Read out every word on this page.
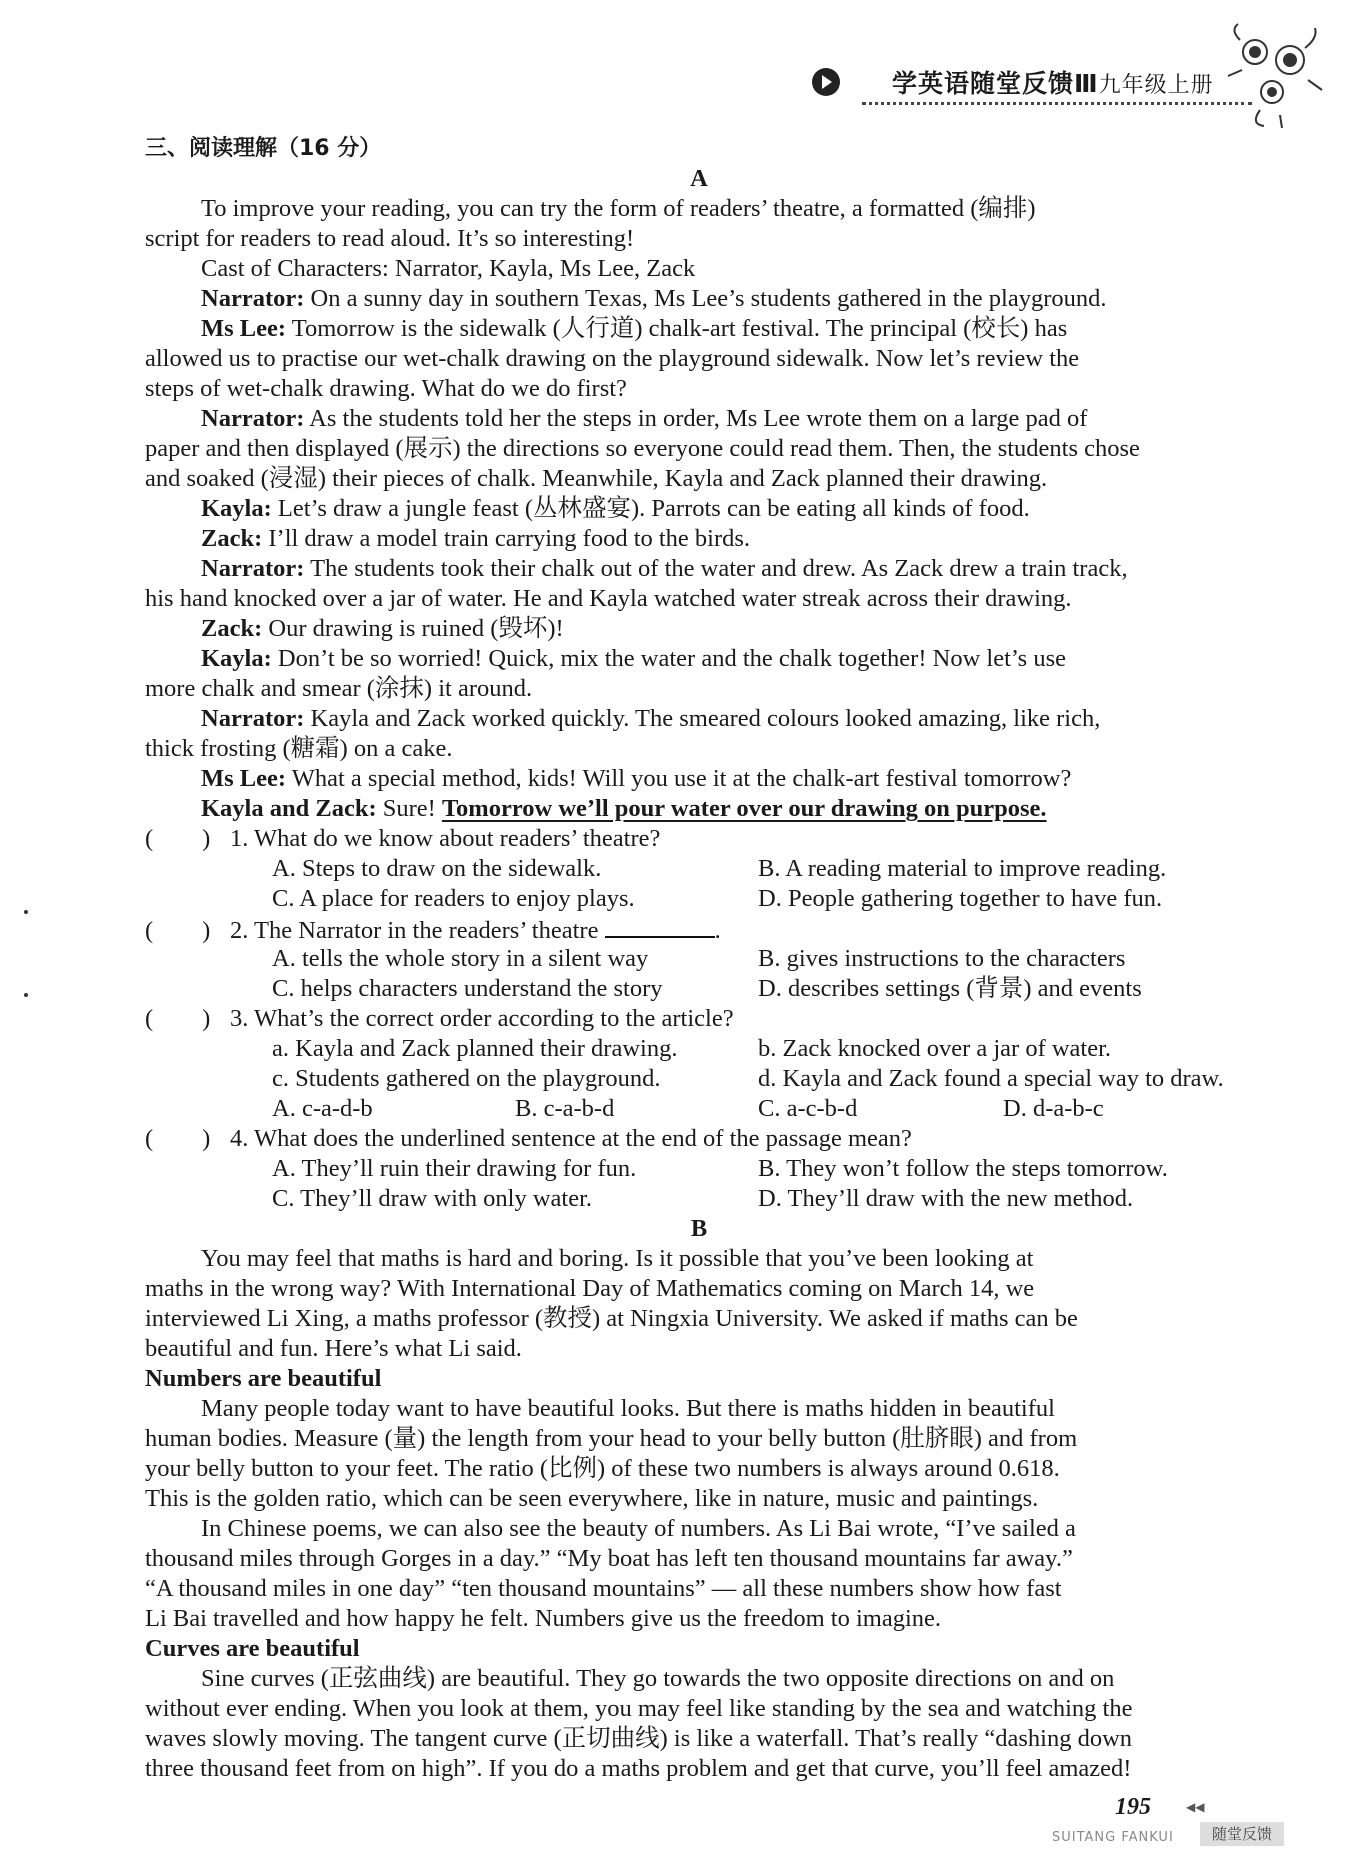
学英语随堂反馈Ⅲ九年级上册
三、阅读理解（16 分）
A
To improve your reading, you can try the form of readers’ theatre, a formatted (编排)
script for readers to read aloud. It’s so interesting!
Cast of Characters: Narrator, Kayla, Ms Lee, Zack
Narrator: On a sunny day in southern Texas, Ms Lee’s students gathered in the playground.
Ms Lee: Tomorrow is the sidewalk (人行道) chalk-art festival. The principal (校长) has
allowed us to practise our wet-chalk drawing on the playground sidewalk. Now let’s review the
steps of wet-chalk drawing. What do we do first?
Narrator: As the students told her the steps in order, Ms Lee wrote them on a large pad of
paper and then displayed (展示) the directions so everyone could read them. Then, the students chose
and soaked (浸湿) their pieces of chalk. Meanwhile, Kayla and Zack planned their drawing.
Kayla: Let’s draw a jungle feast (丛林盛宴). Parrots can be eating all kinds of food.
Zack: I’ll draw a model train carrying food to the birds.
Narrator: The students took their chalk out of the water and drew. As Zack drew a train track,
his hand knocked over a jar of water. He and Kayla watched water streak across their drawing.
Zack: Our drawing is ruined (毁坏)!
Kayla: Don’t be so worried! Quick, mix the water and the chalk together! Now let’s use
more chalk and smear (涂抹) it around.
Narrator: Kayla and Zack worked quickly. The smeared colours looked amazing, like rich,
thick frosting (糖霜) on a cake.
Ms Lee: What a special method, kids! Will you use it at the chalk-art festival tomorrow?
Kayla and Zack: Sure! Tomorrow we’ll pour water over our drawing on purpose.
(　　) 1. What do we know about readers’ theatre?
A. Steps to draw on the sidewalk.	B. A reading material to improve reading.
C. A place for readers to enjoy plays.	D. People gathering together to have fun.
(　　) 2. The Narrator in the readers’ theatre	.
A. tells the whole story in a silent way	B. gives instructions to the characters
C. helps characters understand the story	D. describes settings (背景) and events
(　　) 3. What’s the correct order according to the article?
a. Kayla and Zack planned their drawing.	b. Zack knocked over a jar of water.
c. Students gathered on the playground.	d. Kayla and Zack found a special way to draw.
A. c-a-d-b	B. c-a-b-d	C. a-c-b-d	D. d-a-b-c
(　　) 4. What does the underlined sentence at the end of the passage mean?
A. They’ll ruin their drawing for fun.	B. They won’t follow the steps tomorrow.
C. They’ll draw with only water.	D. They’ll draw with the new method.
B
You may feel that maths is hard and boring. Is it possible that you’ve been looking at
maths in the wrong way? With International Day of Mathematics coming on March 14, we
interviewed Li Xing, a maths professor (教授) at Ningxia University. We asked if maths can be
beautiful and fun. Here’s what Li said.
Numbers are beautiful
Many people today want to have beautiful looks. But there is maths hidden in beautiful
human bodies. Measure (量) the length from your head to your belly button (肚脐眼) and from
your belly button to your feet. The ratio (比例) of these two numbers is always around 0.618.
This is the golden ratio, which can be seen everywhere, like in nature, music and paintings.
In Chinese poems, we can also see the beauty of numbers. As Li Bai wrote, “I’ve sailed a
thousand miles through Gorges in a day.” “My boat has left ten thousand mountains far away.”
“A thousand miles in one day” “ten thousand mountains” — all these numbers show how fast
Li Bai travelled and how happy he felt. Numbers give us the freedom to imagine.
Curves are beautiful
Sine curves (正弦曲线) are beautiful. They go towards the two opposite directions on and on
without ever ending. When you look at them, you may feel like standing by the sea and watching the
waves slowly moving. The tangent curve (正切曲线) is like a waterfall. That’s really “dashing down
three thousand feet from on high”. If you do a maths problem and get that curve, you’ll feel amazed!
195	◀◀
SUITANG FANKUI	随堂反馈
